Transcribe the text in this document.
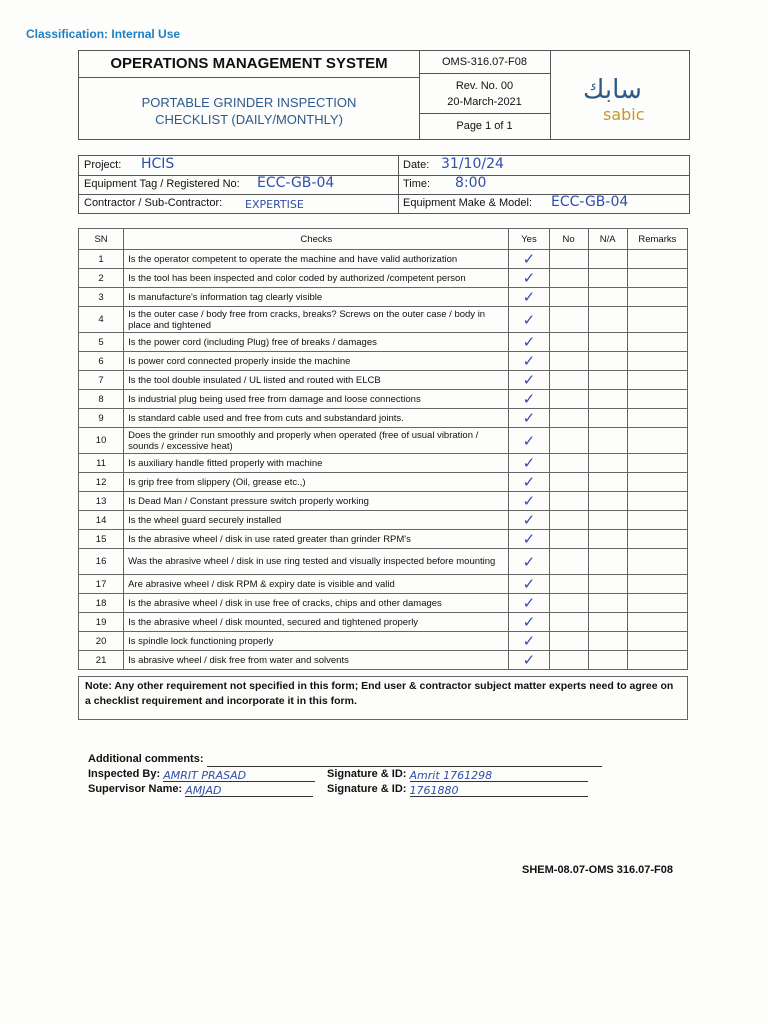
Classification: Internal Use
OPERATIONS MANAGEMENT SYSTEM
PORTABLE GRINDER INSPECTION
CHECKLIST (DAILY/MONTHLY)
OMS-316.07-F08
Rev. No. 00
20-March-2021
Page 1 of 1
سابك
sabic
Project: HCIS	Date: 31/10/24
Equipment Tag / Registered No: ECC-GB-04	Time: 8:00
Contractor / Sub-Contractor: EXPERTISE	Equipment Make & Model: ECC-GB-04
SN	Checks	Yes	No	N/A	Remarks
1	Is the operator competent to operate the machine and have valid authorization	✓			
2	Is the tool has been inspected and color coded by authorized /competent person	✓			
3	Is manufacture's information tag clearly visible	✓			
4	Is the outer case / body free from cracks, breaks? Screws on the outer case / body in place and tightened	✓			
5	Is the power cord (including Plug) free of breaks / damages	✓			
6	Is power cord connected properly inside the machine	✓			
7	Is the tool double insulated / UL listed and routed with ELCB	✓			
8	Is industrial plug being used free from damage and loose connections	✓			
9	Is standard cable used and free from cuts and substandard joints.	✓			
10	Does the grinder run smoothly and properly when operated (free of usual vibration / sounds / excessive heat)	✓			
11	Is auxiliary handle fitted properly with machine	✓			
12	Is grip free from slippery (Oil, grease etc.,)	✓			
13	Is Dead Man / Constant pressure switch properly working	✓			
14	Is the wheel guard securely installed	✓			
15	Is the abrasive wheel / disk in use rated greater than grinder RPM's	✓			
16	Was the abrasive wheel / disk in use ring tested and visually inspected before mounting	✓			
17	Are abrasive wheel / disk RPM & expiry date is visible and valid	✓			
18	Is the abrasive wheel / disk in use free of cracks, chips and other damages	✓			
19	Is the abrasive wheel / disk mounted, secured and tightened properly	✓			
20	Is spindle lock functioning properly	✓			
21	Is abrasive wheel / disk free from water and solvents	✓			
Note: Any other requirement not specified in this form; End user & contractor subject matter experts need to agree on a checklist requirement and incorporate it in this form.
Additional comments:
Inspected By: AMRIT PRASAD
Supervisor Name: AMJAD
Signature & ID: Amrit 1761298
Signature & ID: 1761880
SHEM-08.07-OMS 316.07-F08
